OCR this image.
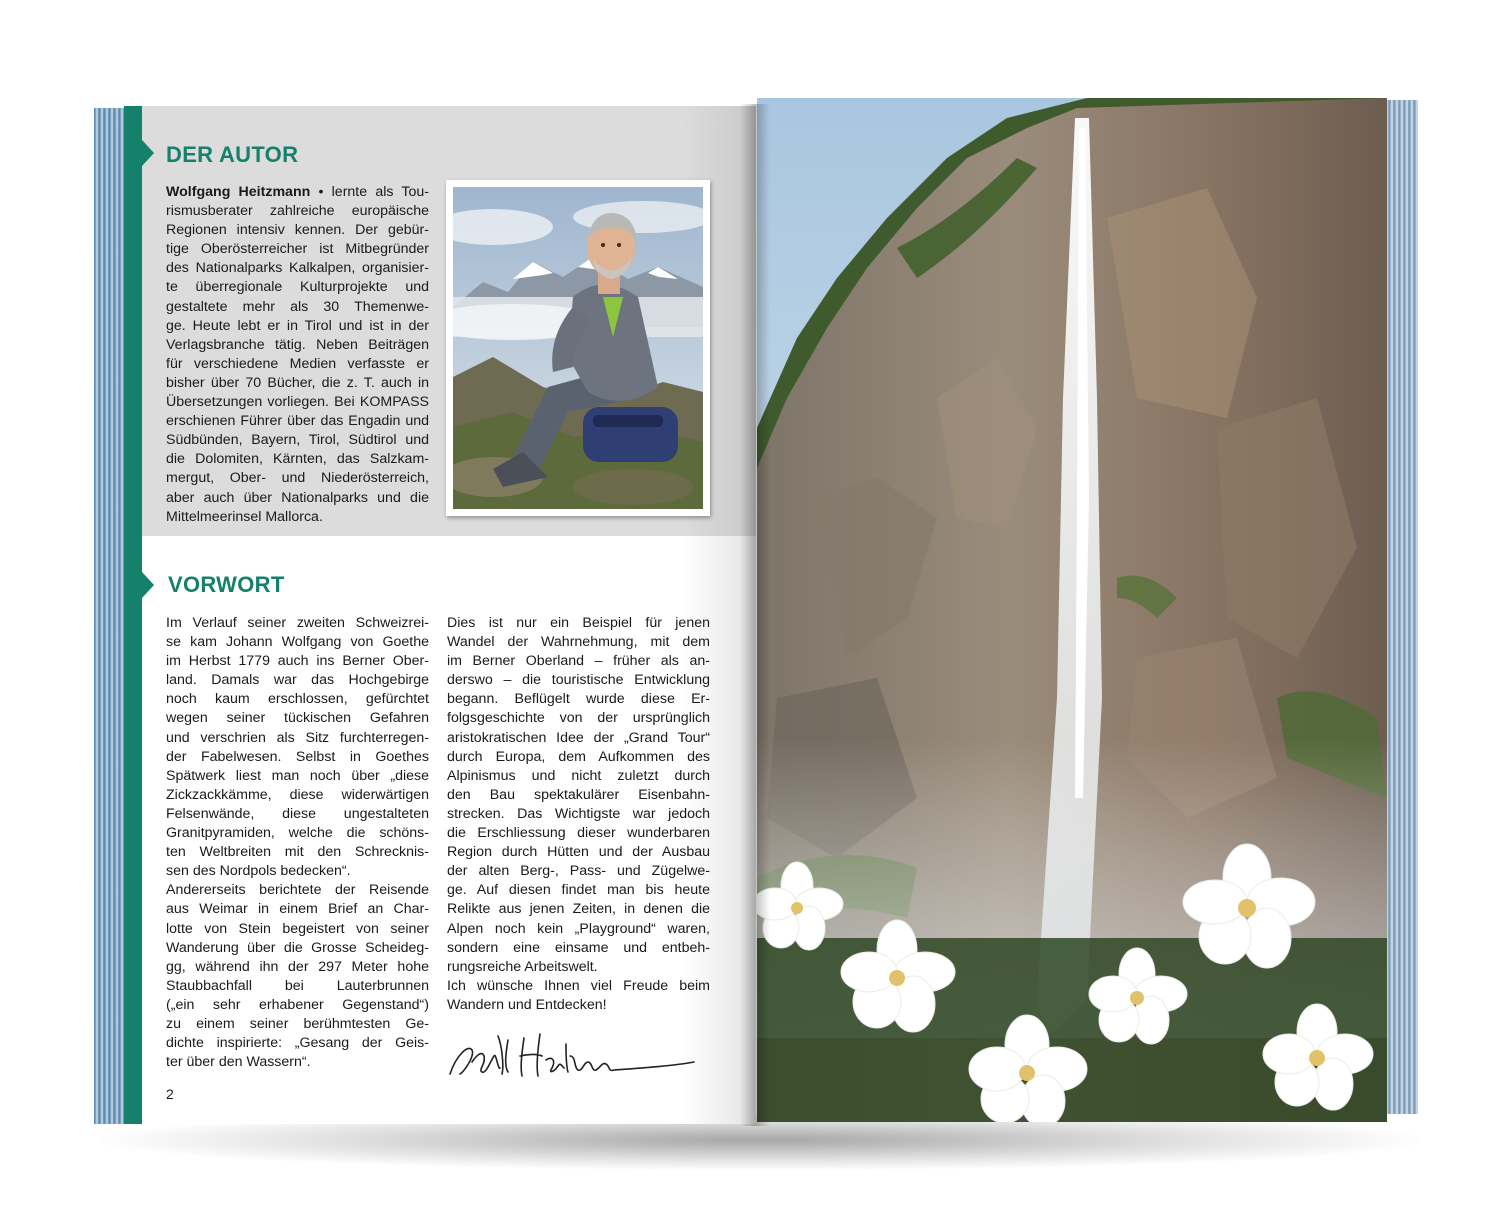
DER AUTOR
Wolfgang Heitzmann • lernte als Tou-
rismusberater zahlreiche europäische
Regionen intensiv kennen. Der gebür-
tige Oberösterreicher ist Mitbegründer
des Nationalparks Kalkalpen, organisier-
te überregionale Kulturprojekte und
gestaltete mehr als 30 Themenwe-
ge. Heute lebt er in Tirol und ist in der
Verlagsbranche tätig. Neben Beiträgen
für verschiedene Medien verfasste er
bisher über 70 Bücher, die z. T. auch in
Übersetzungen vorliegen. Bei KOMPASS
erschienen Führer über das Engadin und
Südbünden, Bayern, Tirol, Südtirol und
die Dolomiten, Kärnten, das Salzkam-
mergut, Ober- und Niederösterreich,
aber auch über Nationalparks und die
Mittelmeerinsel Mallorca.
VORWORT
Im Verlauf seiner zweiten Schweizrei-
se kam Johann Wolfgang von Goethe
im Herbst 1779 auch ins Berner Ober-
land. Damals war das Hochgebirge
noch kaum erschlossen, gefürchtet
wegen seiner tückischen Gefahren
und verschrien als Sitz furchterregen-
der Fabelwesen. Selbst in Goethes
Spätwerk liest man noch über „diese
Zickzackkämme, diese widerwärtigen
Felsenwände, diese ungestalteten
Granitpyramiden, welche die schöns-
ten Weltbreiten mit den Schrecknis-
sen des Nordpols bedecken“.
Andererseits berichtete der Reisende
aus Weimar in einem Brief an Char-
lotte von Stein begeistert von seiner
Wanderung über die Grosse Scheideg-
gg, während ihn der 297 Meter hohe
Staubbachfall bei Lauterbrunnen
(„ein sehr erhabener Gegenstand“)
zu einem seiner berühmtesten Ge-
dichte inspirierte: „Gesang der Geis-
ter über den Wassern“.
Dies ist nur ein Beispiel für jenen
Wandel der Wahrnehmung, mit dem
im Berner Oberland – früher als an-
derswo – die touristische Entwicklung
begann. Beflügelt wurde diese Er-
folgsgeschichte von der ursprünglich
aristokratischen Idee der „Grand Tour“
durch Europa, dem Aufkommen des
Alpinismus und nicht zuletzt durch
den Bau spektakulärer Eisenbahn-
strecken. Das Wichtigste war jedoch
die Erschliessung dieser wunderbaren
Region durch Hütten und der Ausbau
der alten Berg-, Pass- und Zügelwe-
ge. Auf diesen findet man bis heute
Relikte aus jenen Zeiten, in denen die
Alpen noch kein „Playground“ waren,
sondern eine einsame und entbeh-
rungsreiche Arbeitswelt.
Ich wünsche Ihnen viel Freude beim
Wandern und Entdecken!
2
